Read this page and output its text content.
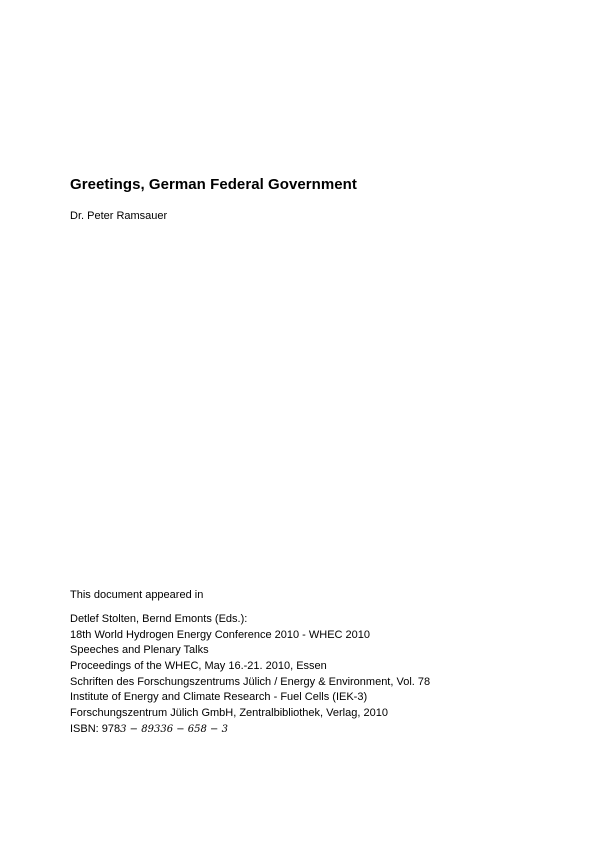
Greetings, German Federal Government
Dr. Peter Ramsauer
This document appeared in
Detlef Stolten, Bernd Emonts (Eds.):
18th World Hydrogen Energy Conference 2010 - WHEC 2010
Speeches and Plenary Talks
Proceedings of the WHEC, May 16.-21. 2010, Essen
Schriften des Forschungszentrums Jülich / Energy & Environment, Vol. 78
Institute of Energy and Climate Research - Fuel Cells (IEK-3)
Forschungszentrum Jülich GmbH, Zentralbibliothek, Verlag, 2010
ISBN: 9783 − 89336 − 658 − 3
